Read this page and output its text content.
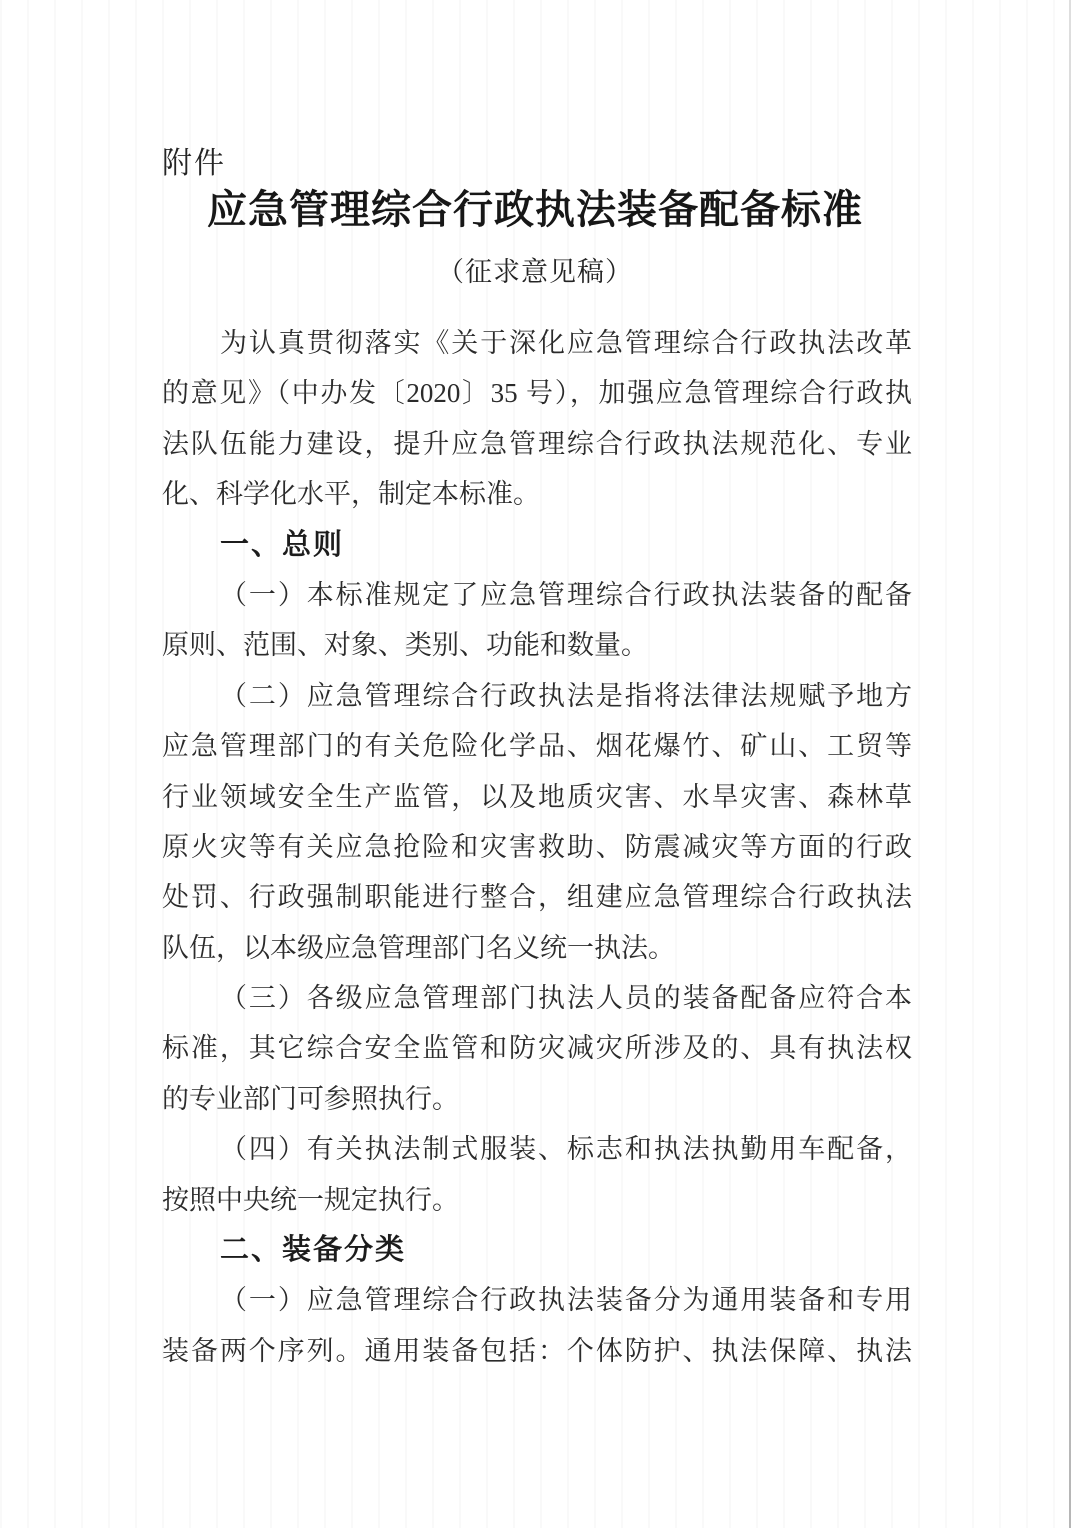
附件
应急管理综合行政执法装备配备标准
（征求意见稿）
为认真贯彻落实《关于深化应急管理综合行政执法改革
的意见》（中办发〔2020〕35 号），加强应急管理综合行政执
法队伍能力建设，提升应急管理综合行政执法规范化、专业
化、科学化水平，制定本标准。
一、总则
（一）本标准规定了应急管理综合行政执法装备的配备
原则、范围、对象、类别、功能和数量。
（二）应急管理综合行政执法是指将法律法规赋予地方
应急管理部门的有关危险化学品、烟花爆竹、矿山、工贸等
行业领域安全生产监管，以及地质灾害、水旱灾害、森林草
原火灾等有关应急抢险和灾害救助、防震减灾等方面的行政
处罚、行政强制职能进行整合，组建应急管理综合行政执法
队伍，以本级应急管理部门名义统一执法。
（三）各级应急管理部门执法人员的装备配备应符合本
标准，其它综合安全监管和防灾减灾所涉及的、具有执法权
的专业部门可参照执行。
（四）有关执法制式服装、标志和执法执勤用车配备，
按照中央统一规定执行。
二、装备分类
（一）应急管理综合行政执法装备分为通用装备和专用
装备两个序列。通用装备包括：个体防护、执法保障、执法
